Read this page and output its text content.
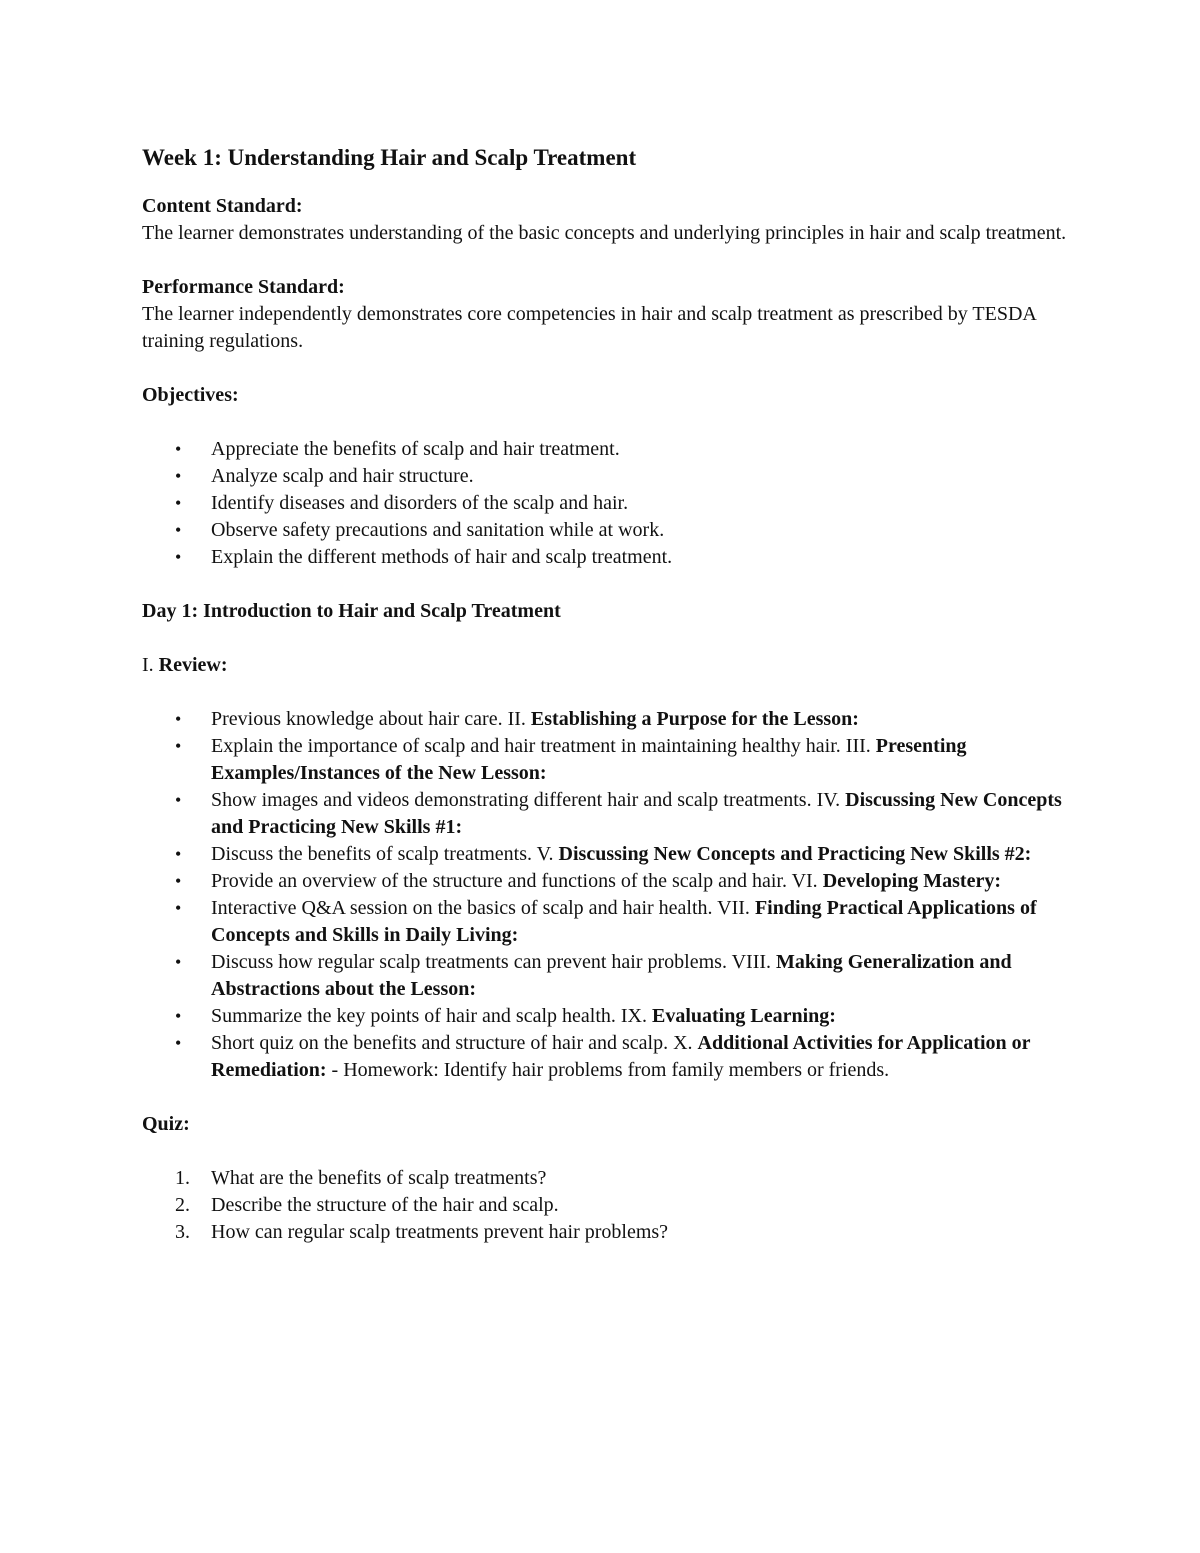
Week 1: Understanding Hair and Scalp Treatment

Content Standard:

The learner demonstrates understanding of the basic concepts and underlying principles in hair and scalp treatment.

Performance Standard:

The learner independently demonstrates core competencies in hair and scalp treatment as prescribed by TESDA training regulations.

Objectives:

• Appreciate the benefits of scalp and hair treatment.
• Analyze scalp and hair structure.
• Identify diseases and disorders of the scalp and hair.
• Observe safety precautions and sanitation while at work.
• Explain the different methods of hair and scalp treatment.

Day 1: Introduction to Hair and Scalp Treatment

I. Review:

• Previous knowledge about hair care. II. Establishing a Purpose for the Lesson:
• Explain the importance of scalp and hair treatment in maintaining healthy hair. III. Presenting Examples/Instances of the New Lesson:
• Show images and videos demonstrating different hair and scalp treatments. IV. Discussing New Concepts and Practicing New Skills #1:
• Discuss the benefits of scalp treatments. V. Discussing New Concepts and Practicing New Skills #2:
• Provide an overview of the structure and functions of the scalp and hair. VI. Developing Mastery:
• Interactive Q&A session on the basics of scalp and hair health. VII. Finding Practical Applications of Concepts and Skills in Daily Living:
• Discuss how regular scalp treatments can prevent hair problems. VIII. Making Generalization and Abstractions about the Lesson:
• Summarize the key points of hair and scalp health. IX. Evaluating Learning:
• Short quiz on the benefits and structure of hair and scalp. X. Additional Activities for Application or Remediation: - Homework: Identify hair problems from family members or friends.

Quiz:

1. What are the benefits of scalp treatments?
2. Describe the structure of the hair and scalp.
3. How can regular scalp treatments prevent hair problems?
